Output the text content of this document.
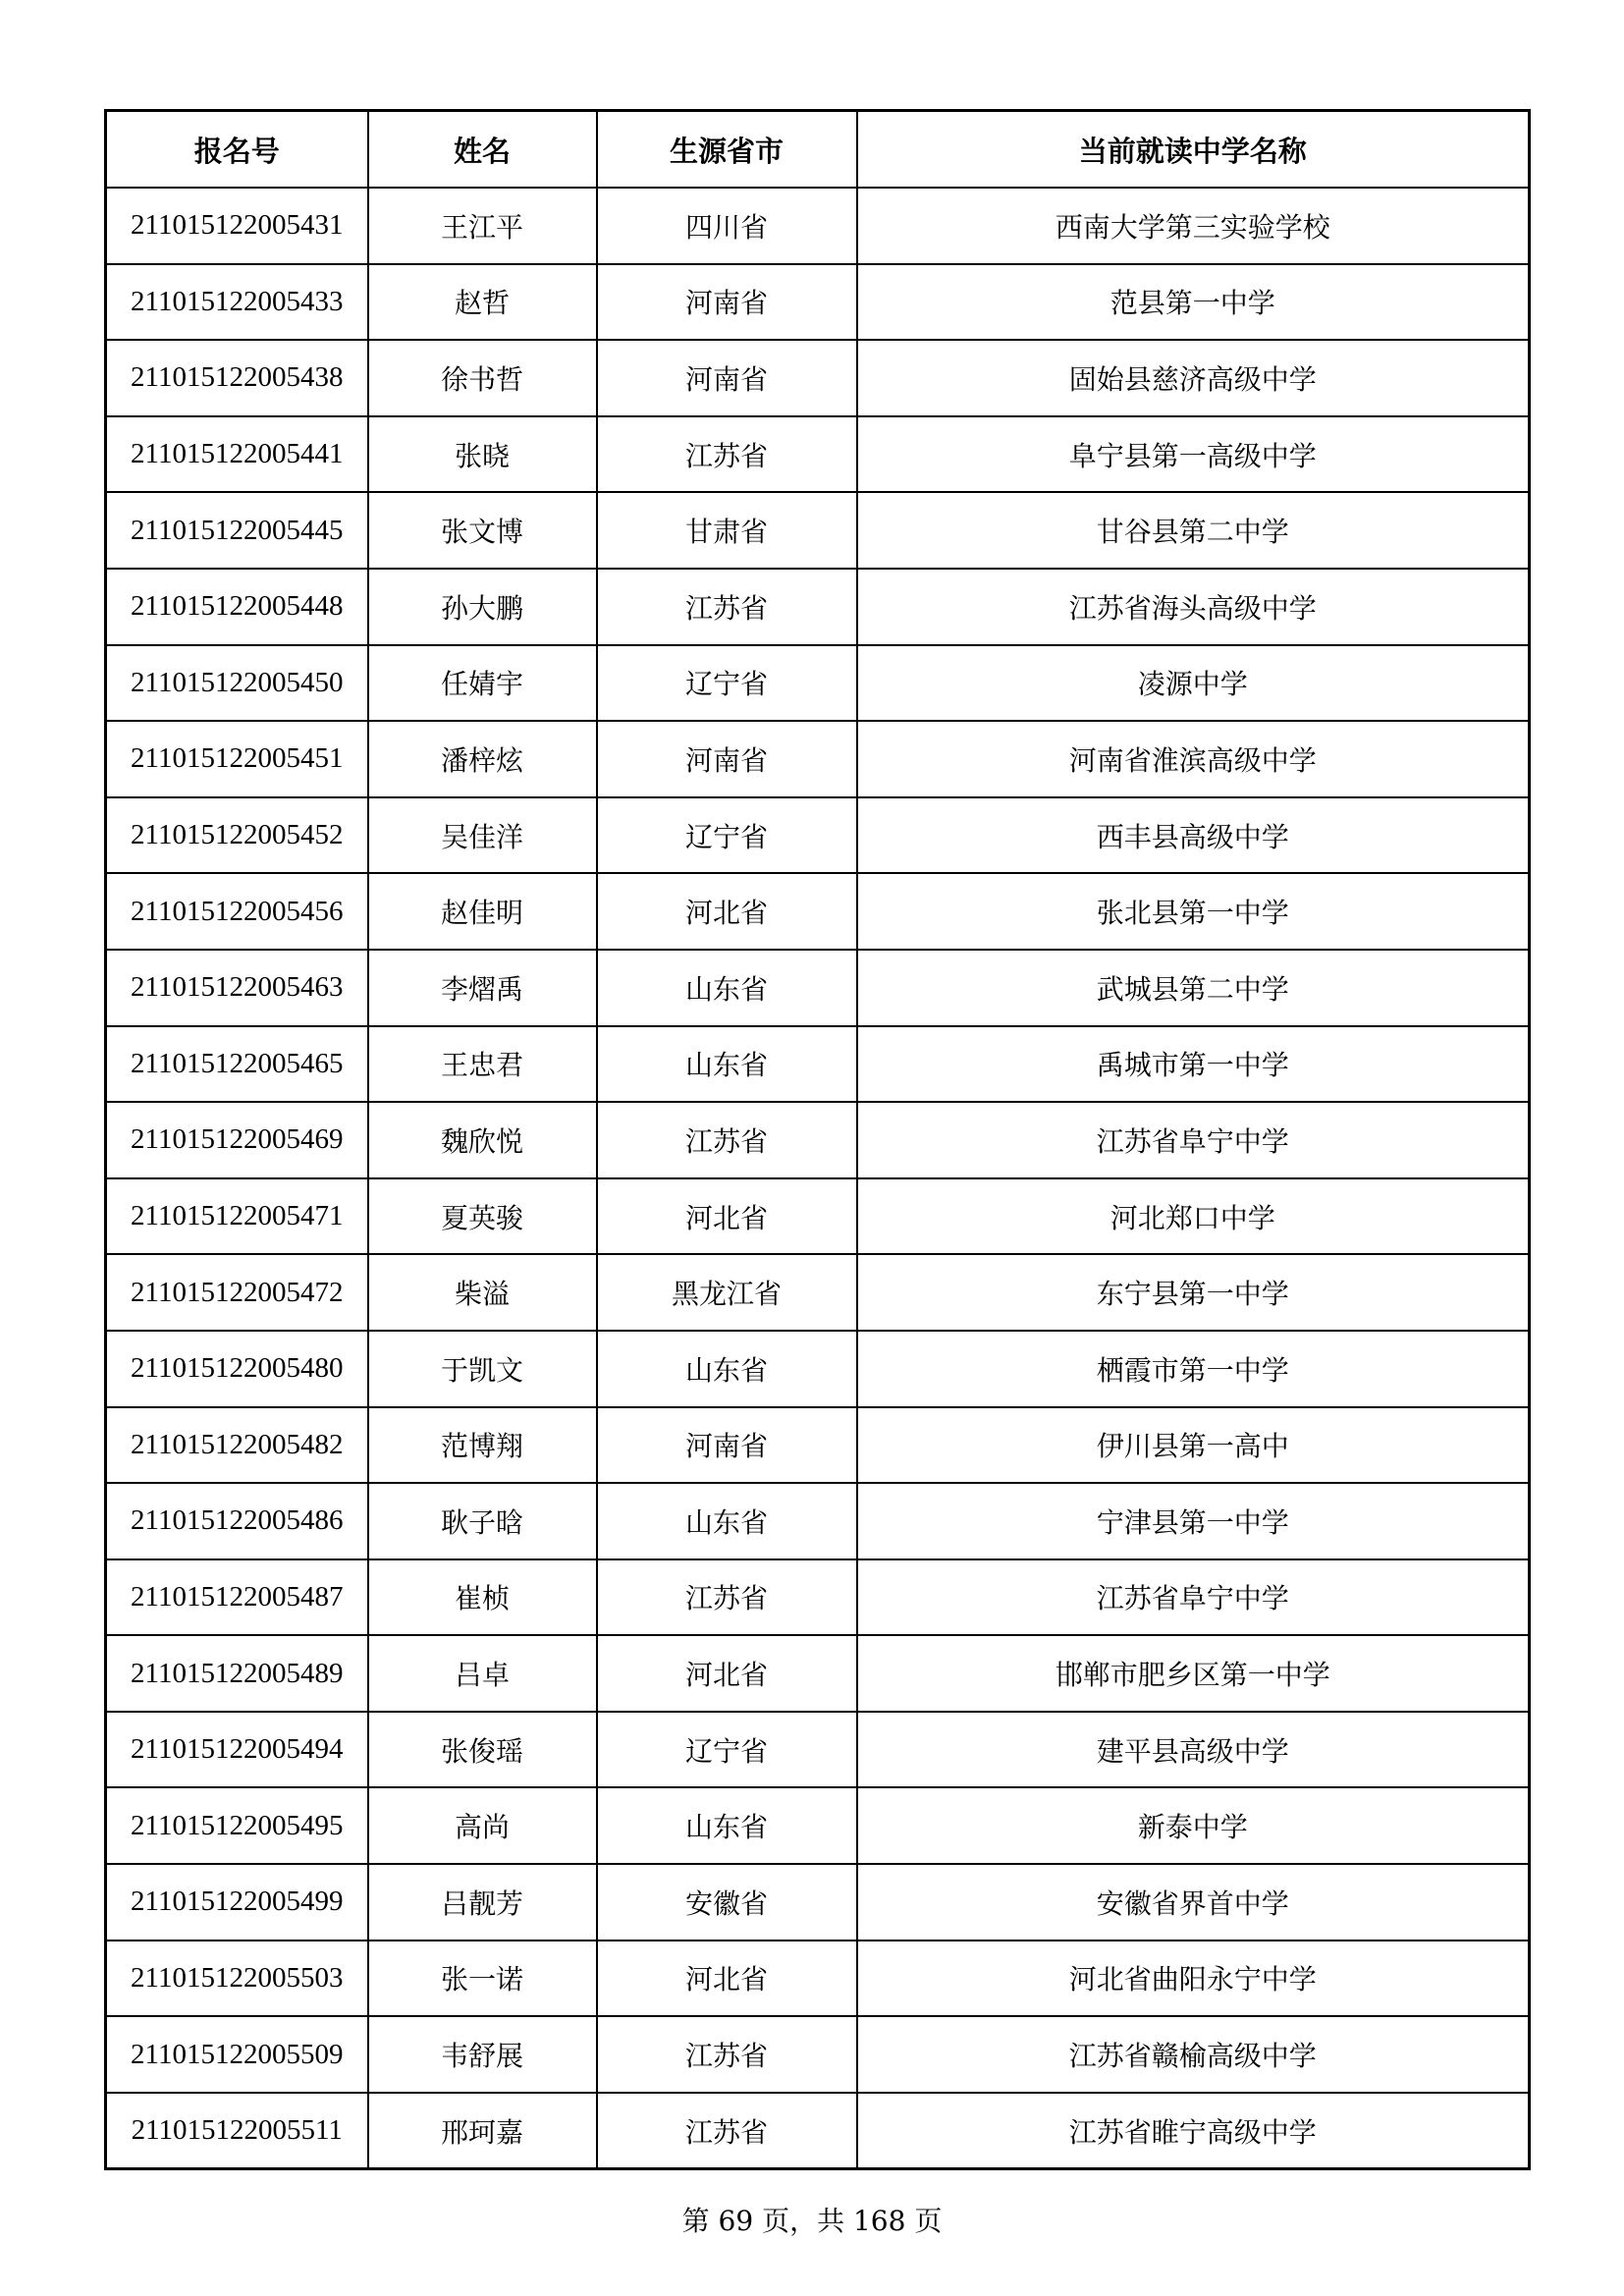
报名号	姓名	生源省市	当前就读中学名称
211015122005431	王江平	四川省	西南大学第三实验学校
211015122005433	赵哲	河南省	范县第一中学
211015122005438	徐书哲	河南省	固始县慈济高级中学
211015122005441	张晓	江苏省	阜宁县第一高级中学
211015122005445	张文博	甘肃省	甘谷县第二中学
211015122005448	孙大鹏	江苏省	江苏省海头高级中学
211015122005450	任婧宇	辽宁省	凌源中学
211015122005451	潘梓炫	河南省	河南省淮滨高级中学
211015122005452	吴佳洋	辽宁省	西丰县高级中学
211015122005456	赵佳明	河北省	张北县第一中学
211015122005463	李熠禹	山东省	武城县第二中学
211015122005465	王忠君	山东省	禹城市第一中学
211015122005469	魏欣悦	江苏省	江苏省阜宁中学
211015122005471	夏英骏	河北省	河北郑口中学
211015122005472	柴溢	黑龙江省	东宁县第一中学
211015122005480	于凯文	山东省	栖霞市第一中学
211015122005482	范博翔	河南省	伊川县第一高中
211015122005486	耿子晗	山东省	宁津县第一中学
211015122005487	崔桢	江苏省	江苏省阜宁中学
211015122005489	吕卓	河北省	邯郸市肥乡区第一中学
211015122005494	张俊瑶	辽宁省	建平县高级中学
211015122005495	高尚	山东省	新泰中学
211015122005499	吕靓芳	安徽省	安徽省界首中学
211015122005503	张一诺	河北省	河北省曲阳永宁中学
211015122005509	韦舒展	江苏省	江苏省赣榆高级中学
211015122005511	邢珂嘉	江苏省	江苏省睢宁高级中学
第 69 页，共 168 页
